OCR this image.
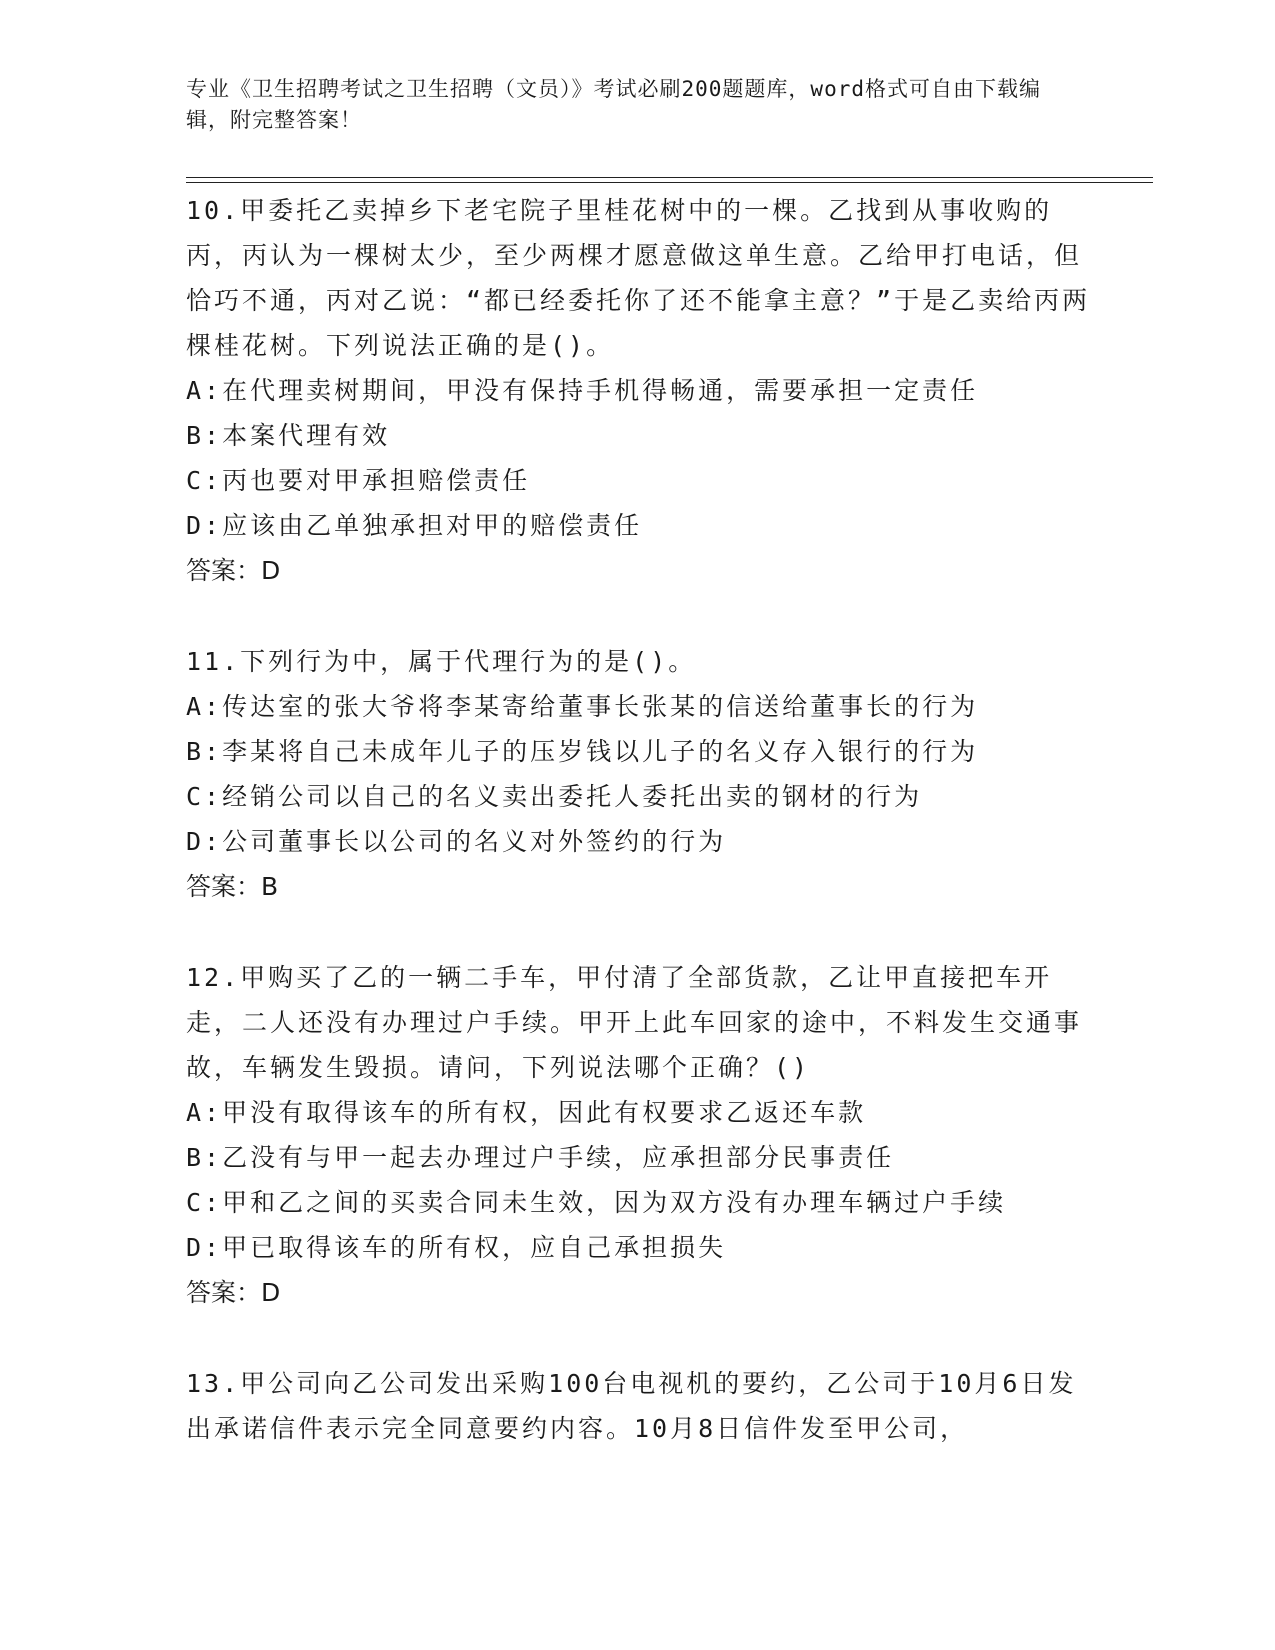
专业《卫生招聘考试之卫生招聘（文员）》考试必刷200题题库，word格式可自由下载编辑，附完整答案！

10.甲委托乙卖掉乡下老宅院子里桂花树中的一棵。乙找到从事收购的丙，丙认为一棵树太少，至少两棵才愿意做这单生意。乙给甲打电话，但恰巧不通，丙对乙说：“都已经委托你了还不能拿主意？”于是乙卖给丙两棵桂花树。下列说法正确的是()。

A:在代理卖树期间，甲没有保持手机得畅通，需要承担一定责任

B:本案代理有效

C:丙也要对甲承担赔偿责任

D:应该由乙单独承担对甲的赔偿责任

答案：D

11.下列行为中，属于代理行为的是()。

A:传达室的张大爷将李某寄给董事长张某的信送给董事长的行为

B:李某将自己未成年儿子的压岁钱以儿子的名义存入银行的行为

C:经销公司以自己的名义卖出委托人委托出卖的钢材的行为

D:公司董事长以公司的名义对外签约的行为

答案：B

12.甲购买了乙的一辆二手车，甲付清了全部货款，乙让甲直接把车开走，二人还没有办理过户手续。甲开上此车回家的途中，不料发生交通事故，车辆发生毁损。请问，下列说法哪个正确？()

A:甲没有取得该车的所有权，因此有权要求乙返还车款

B:乙没有与甲一起去办理过户手续，应承担部分民事责任

C:甲和乙之间的买卖合同未生效，因为双方没有办理车辆过户手续

D:甲已取得该车的所有权，应自己承担损失

答案：D

13.甲公司向乙公司发出采购100台电视机的要约，乙公司于10月6日发出承诺信件表示完全同意要约内容。10月8日信件发至甲公司，
